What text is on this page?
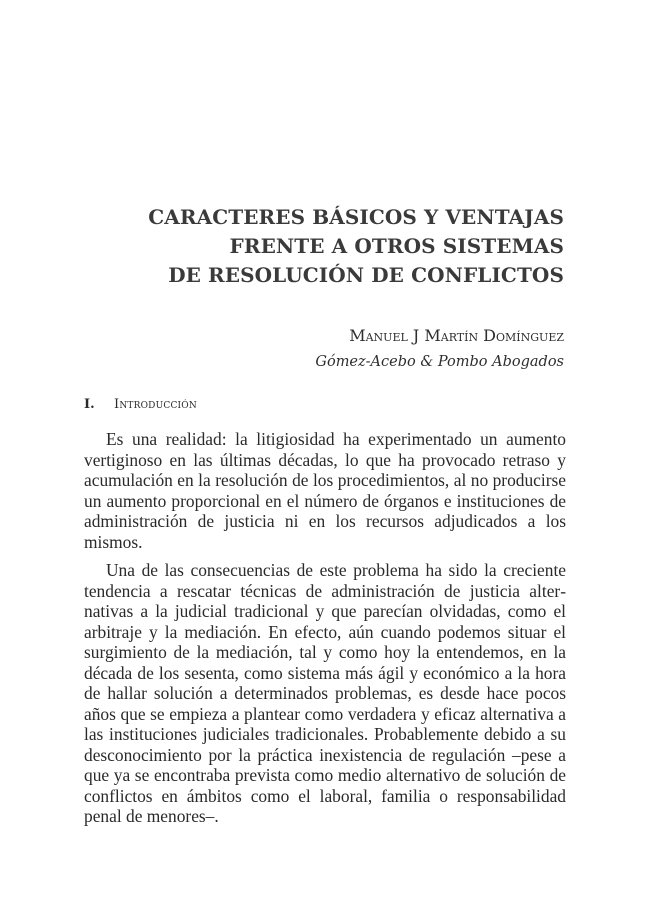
CARACTERES BÁSICOS Y VENTAJAS
FRENTE A OTROS SISTEMAS
DE RESOLUCIÓN DE CONFLICTOS
Manuel J Martín Domínguez
Gómez-Acebo & Pombo Abogados
I. Introducción

Es una realidad: la litigiosidad ha experimentado un aumento vertiginoso en las últimas décadas, lo que ha provocado retraso y acumulación en la resolución de los procedimientos, al no producirse un aumento proporcional en el número de órganos e instituciones de administración de justicia ni en los recursos adjudicados a los mismos.

Una de las consecuencias de este problema ha sido la creciente tendencia a rescatar técnicas de administración de justicia alternativas a la judicial tradicional y que parecían olvidadas, como el arbitraje y la mediación. En efecto, aún cuando podemos situar el surgimiento de la mediación, tal y como hoy la entendemos, en la década de los sesenta, como sistema más ágil y económico a la hora de hallar solución a determinados problemas, es desde hace pocos años que se empieza a plantear como verdadera y eficaz alternativa a las instituciones judiciales tradicionales. Probablemente debido a su desconocimiento por la práctica inexistencia de regulación –pese a que ya se encontraba prevista como medio alternativo de solución de conflictos en ámbitos como el laboral, familia o responsabilidad penal de menores–.
